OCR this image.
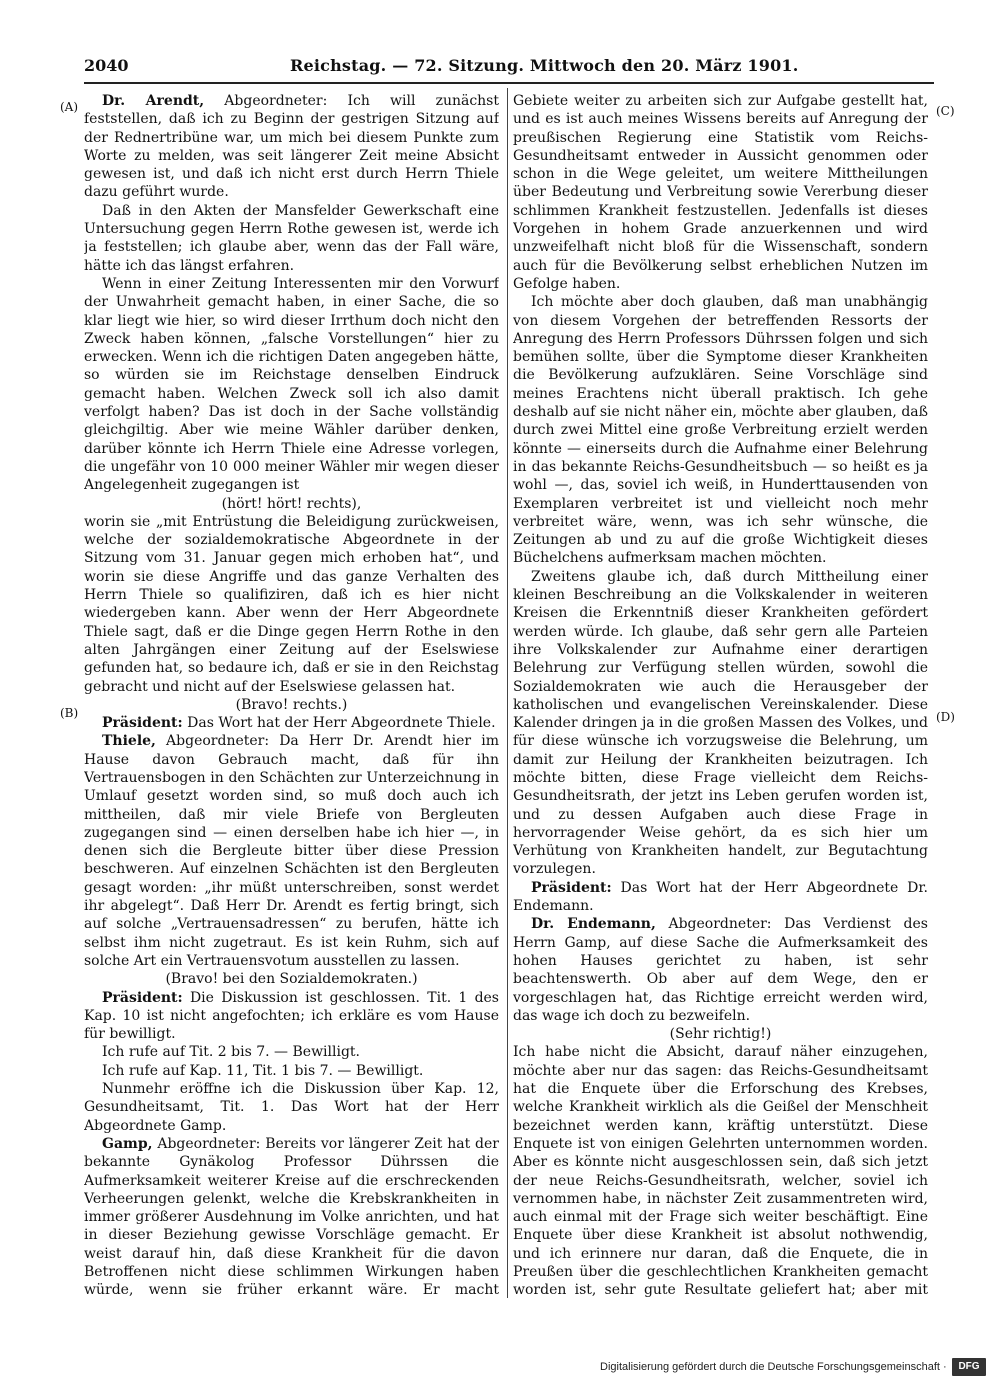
2040	Reichstag. — 72. Sitzung. Mittwoch den 20. März 1901.
(A)
(B)
(C)
(D)

Dr. Arendt, Abgeordneter: Ich will zunächst feststellen, daß ich zu Beginn der gestrigen Sitzung auf der Rednertribüne war, um mich bei diesem Punkte zum Worte zu melden, was seit längerer Zeit meine Absicht gewesen ist, und daß ich nicht erst durch Herrn Thiele dazu geführt wurde.

Daß in den Akten der Mansfelder Gewerkschaft eine Untersuchung gegen Herrn Rothe gewesen ist, werde ich ja feststellen; ich glaube aber, wenn das der Fall wäre, hätte ich das längst erfahren.

Wenn in einer Zeitung Interessenten mir den Vorwurf der Unwahrheit gemacht haben, in einer Sache, die so klar liegt wie hier, so wird dieser Irrthum doch nicht den Zweck haben können, „falsche Vorstellungen“ hier zu erwecken. Wenn ich die richtigen Daten angegeben hätte, so würden sie im Reichstage denselben Eindruck gemacht haben. Welchen Zweck soll ich also damit verfolgt haben? Das ist doch in der Sache vollständig gleichgiltig. Aber wie meine Wähler darüber denken, darüber könnte ich Herrn Thiele eine Adresse vorlegen, die ungefähr von 10 000 meiner Wähler mir wegen dieser Angelegenheit zugegangen ist

(hört! hört! rechts),

worin sie „mit Entrüstung die Beleidigung zurückweisen, welche der sozialdemokratische Abgeordnete in der Sitzung vom 31. Januar gegen mich erhoben hat“, und worin sie diese Angriffe und das ganze Verhalten des Herrn Thiele so qualifiziren, daß ich es hier nicht wiedergeben kann. Aber wenn der Herr Abgeordnete Thiele sagt, daß er die Dinge gegen Herrn Rothe in den alten Jahrgängen einer Zeitung auf der Eselswiese gefunden hat, so bedaure ich, daß er sie in den Reichstag gebracht und nicht auf der Eselswiese gelassen hat.

(Bravo! rechts.)

Präsident: Das Wort hat der Herr Abgeordnete Thiele.

Thiele, Abgeordneter: Da Herr Dr. Arendt hier im Hause davon Gebrauch macht, daß für ihn Vertrauensbogen in den Schächten zur Unterzeichnung in Umlauf gesetzt worden sind, so muß doch auch ich mittheilen, daß mir viele Briefe von Bergleuten zugegangen sind — einen derselben habe ich hier —, in denen sich die Bergleute bitter über diese Pression beschweren. Auf einzelnen Schächten ist den Bergleuten gesagt worden: „ihr müßt unterschreiben, sonst werdet ihr abgelegt“. Daß Herr Dr. Arendt es fertig bringt, sich auf solche „Vertrauensadressen“ zu berufen, hätte ich selbst ihm nicht zugetraut. Es ist kein Ruhm, sich auf solche Art ein Vertrauensvotum ausstellen zu lassen.

(Bravo! bei den Sozialdemokraten.)

Präsident: Die Diskussion ist geschlossen. Tit. 1 des Kap. 10 ist nicht angefochten; ich erkläre es vom Hause für bewilligt.

Ich rufe auf Tit. 2 bis 7. — Bewilligt.

Ich rufe auf Kap. 11, Tit. 1 bis 7. — Bewilligt.

Nunmehr eröffne ich die Diskussion über Kap. 12, Gesundheitsamt, Tit. 1. Das Wort hat der Herr Abgeordnete Gamp.

Gamp, Abgeordneter: Bereits vor längerer Zeit hat der bekannte Gynäkolog Professor Dührssen die Aufmerksamkeit weiterer Kreise auf die erschreckenden Verheerungen gelenkt, welche die Krebskrankheiten in immer größerer Ausdehnung im Volke anrichten, und hat in dieser Beziehung gewisse Vorschläge gemacht. Er weist darauf hin, daß diese Krankheit für die davon Betroffenen nicht diese schlimmen Wirkungen haben würde, wenn sie früher erkannt wäre. Er macht

Gebiete weiter zu arbeiten sich zur Aufgabe gestellt hat, und es ist auch meines Wissens bereits auf Anregung der preußischen Regierung eine Statistik vom Reichs-Gesundheitsamt entweder in Aussicht genommen oder schon in die Wege geleitet, um weitere Mittheilungen über Bedeutung und Verbreitung sowie Vererbung dieser schlimmen Krankheit festzustellen. Jedenfalls ist dieses Vorgehen in hohem Grade anzuerkennen und wird unzweifelhaft nicht bloß für die Wissenschaft, sondern auch für die Bevölkerung selbst erheblichen Nutzen im Gefolge haben.

Ich möchte aber doch glauben, daß man unabhängig von diesem Vorgehen der betreffenden Ressorts der Anregung des Herrn Professors Dührssen folgen und sich bemühen sollte, über die Symptome dieser Krankheiten die Bevölkerung aufzuklären. Seine Vorschläge sind meines Erachtens nicht überall praktisch. Ich gehe deshalb auf sie nicht näher ein, möchte aber glauben, daß durch zwei Mittel eine große Verbreitung erzielt werden könnte — einerseits durch die Aufnahme einer Belehrung in das bekannte Reichs-Gesundheitsbuch — so heißt es ja wohl —, das, soviel ich weiß, in Hunderttausenden von Exemplaren verbreitet ist und vielleicht noch mehr verbreitet wäre, wenn, was ich sehr wünsche, die Zeitungen ab und zu auf die große Wichtigkeit dieses Büchelchens aufmerksam machen möchten.

Zweitens glaube ich, daß durch Mittheilung einer kleinen Beschreibung an die Volkskalender in weiteren Kreisen die Erkenntniß dieser Krankheiten gefördert werden würde. Ich glaube, daß sehr gern alle Parteien ihre Volkskalender zur Aufnahme einer derartigen Belehrung zur Verfügung stellen würden, sowohl die Sozialdemokraten wie auch die Herausgeber der katholischen und evangelischen Vereinskalender. Diese Kalender dringen ja in die großen Massen des Volkes, und für diese wünsche ich vorzugsweise die Belehrung, um damit zur Heilung der Krankheiten beizutragen. Ich möchte bitten, diese Frage vielleicht dem Reichs-Gesundheitsrath, der jetzt ins Leben gerufen worden ist, und zu dessen Aufgaben auch diese Frage in hervorragender Weise gehört, da es sich hier um Verhütung von Krankheiten handelt, zur Begutachtung vorzulegen.

Präsident: Das Wort hat der Herr Abgeordnete Dr. Endemann.

Dr. Endemann, Abgeordneter: Das Verdienst des Herrn Gamp, auf diese Sache die Aufmerksamkeit des hohen Hauses gerichtet zu haben, ist sehr beachtenswerth. Ob aber auf dem Wege, den er vorgeschlagen hat, das Richtige erreicht werden wird, das wage ich doch zu bezweifeln.

(Sehr richtig!)

Ich habe nicht die Absicht, darauf näher einzugehen, möchte aber nur das sagen: das Reichs-Gesundheitsamt hat die Enquete über die Erforschung des Krebses, welche Krankheit wirklich als die Geißel der Menschheit bezeichnet werden kann, kräftig unterstützt. Diese Enquete ist von einigen Gelehrten unternommen worden. Aber es könnte nicht ausgeschlossen sein, daß sich jetzt der neue Reichs-Gesundheitsrath, welcher, soviel ich vernommen habe, in nächster Zeit zusammentreten wird, auch einmal mit der Frage sich weiter beschäftigt. Eine Enquete über diese Krankheit ist absolut nothwendig, und ich erinnere nur daran, daß die Enquete, die in Preußen über die geschlechtlichen Krankheiten gemacht worden ist, sehr gute Resultate geliefert hat; aber mit

Digitalisierung gefördert durch die Deutsche Forschungsgemeinschaft ·	DFG
